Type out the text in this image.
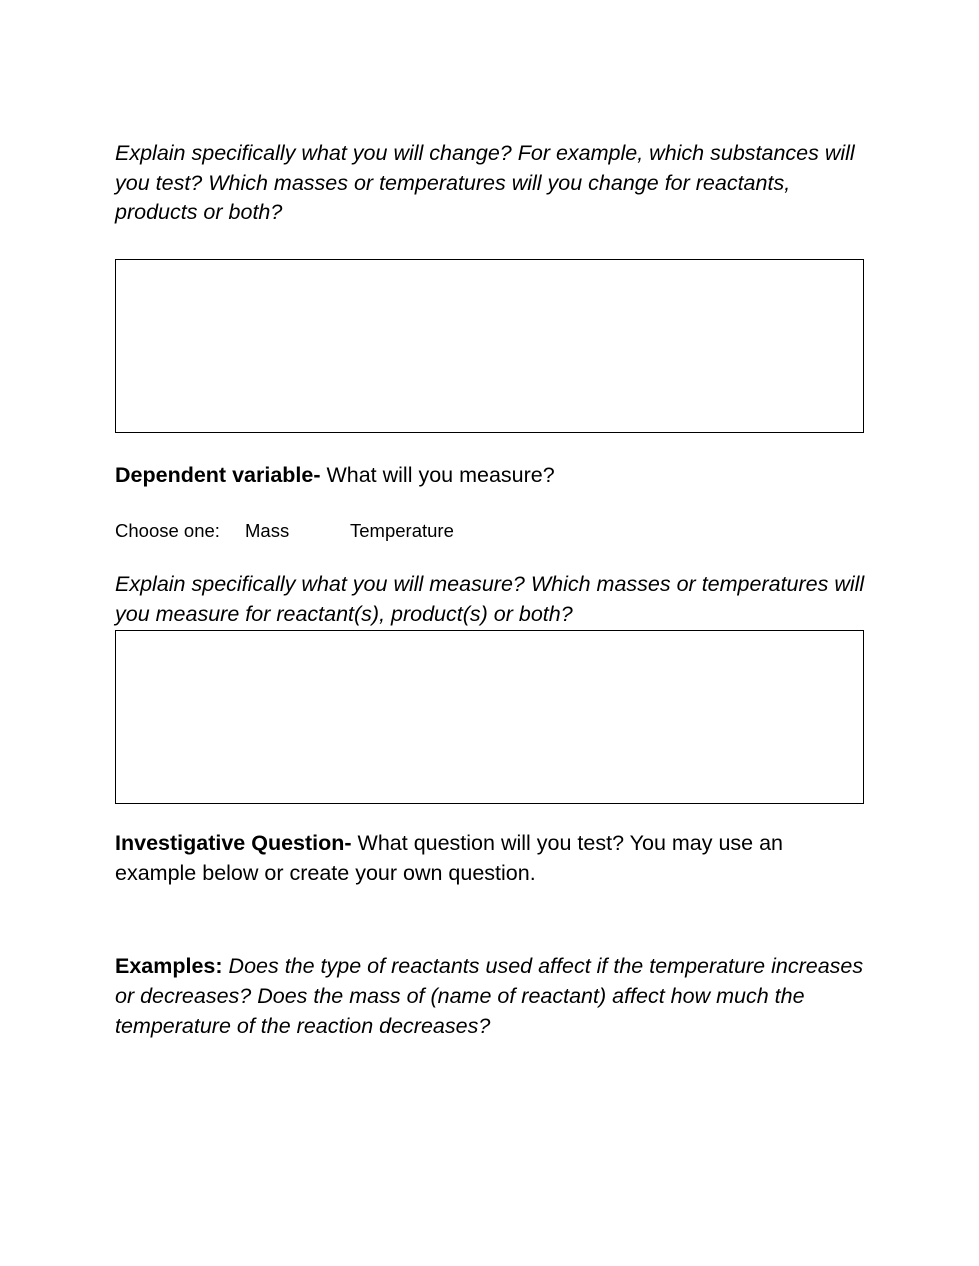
Explain specifically what you will change? For example, which substances will you test? Which masses or temperatures will you change for reactants, products or both?
Dependent variable- What will you measure?
Choose one: Mass	Temperature
Explain specifically what you will measure? Which masses or temperatures will you measure for reactant(s), product(s) or both?
Investigative Question- What question will you test? You may use an example below or create your own question.
Examples: Does the type of reactants used affect if the temperature increases or decreases? Does the mass of (name of reactant) affect how much the temperature of the reaction decreases?
